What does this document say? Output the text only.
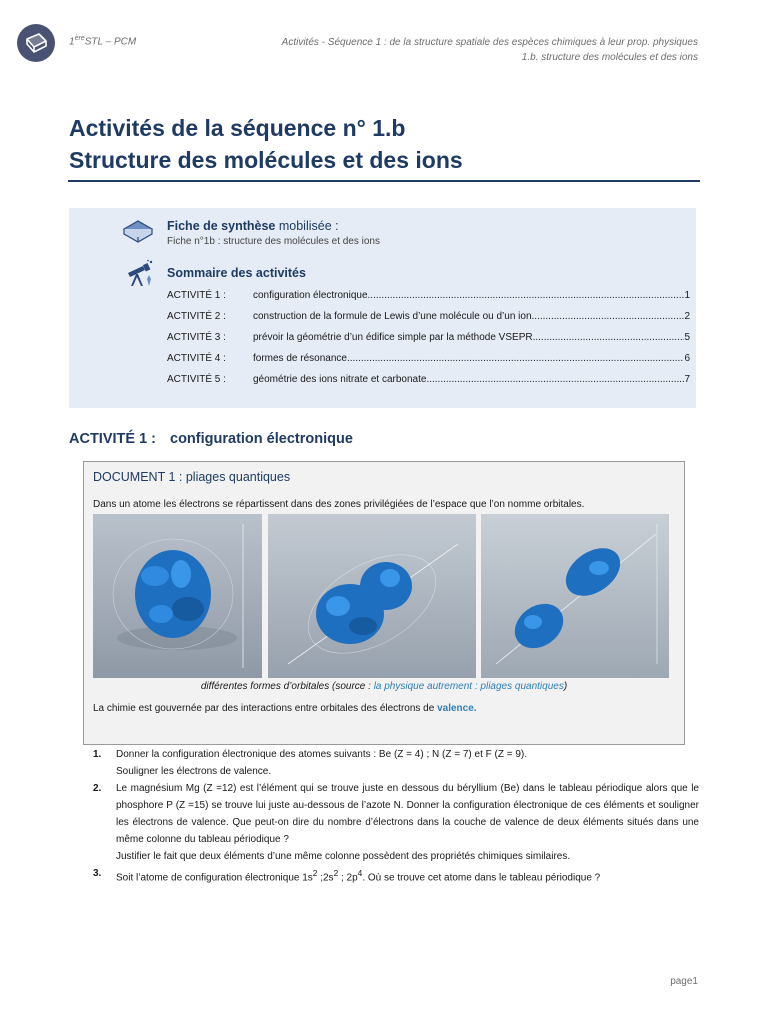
1èreSTL – PCM	Activités - Séquence 1 : de la structure spatiale des espèces chimiques à leur prop. physiques
1.b. structure des molécules et des ions
Activités de la séquence n° 1.b
Structure des molécules et des ions
Fiche de synthèse mobilisée :
Fiche n°1b : structure des molécules et des ions
Sommaire des activités
ACTIVITÉ 1 :	configuration électronique .....	1
ACTIVITÉ 2 :	construction de la formule de Lewis d’une molécule ou d’un ion. .....	2
ACTIVITÉ 3 :	prévoir la géométrie d’un édifice simple par la méthode VSEPR. .....	5
ACTIVITÉ 4 :	formes de résonance. .....	6
ACTIVITÉ 5 :	géométrie des ions nitrate et carbonate. .....	7
ACTIVITÉ 1 : configuration électronique
DOCUMENT 1 : pliages quantiques
Dans un atome les électrons se répartissent dans des zones privilégiées de l’espace que l’on nomme orbitales.
différentes formes d’orbitales (source : la physique autrement : pliages quantiques)
La chimie est gouvernée par des interactions entre orbitales des électrons de valence.
1.	Donner la configuration électronique des atomes suivants : Be (Z = 4) ; N (Z = 7) et F (Z = 9).
Souligner les électrons de valence.
2.	Le magnésium Mg (Z =12) est l’élément qui se trouve juste en dessous du béryllium (Be) dans le tableau périodique alors que le phosphore P (Z =15) se trouve lui juste au-dessous de l’azote N. Donner la configuration électronique de ces éléments et souligner les électrons de valence. Que peut-on dire du nombre d’électrons dans la couche de valence de deux éléments situés dans une même colonne du tableau périodique ?
Justifier le fait que deux éléments d’une même colonne possèdent des propriétés chimiques similaires.
3.	Soit l’atome de configuration électronique $1s^2$ $;2s^2$ ; $2p^4$. Où se trouve cet atome dans le tableau périodique ?
page1
